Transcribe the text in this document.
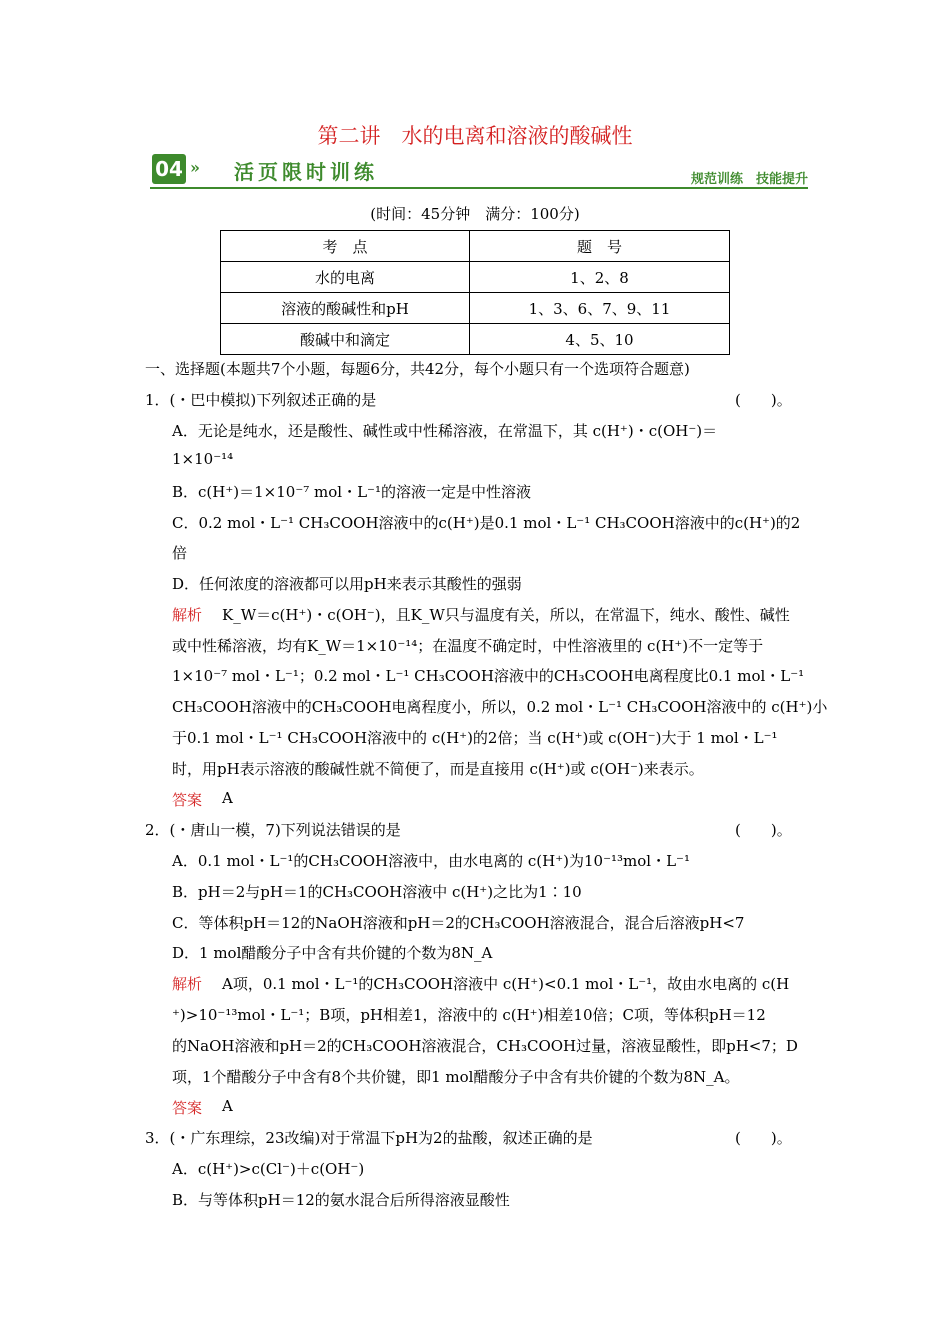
第二讲　水的电离和溶液的酸碱性
04 » 活页限时训练	规范训练　技能提升
(时间：45分钟　满分：100分)
考　点	题　号
水的电离	1、2、8
溶液的酸碱性和pH	1、3、6、7、9、11
酸碱中和滴定	4、5、10
一、选择题(本题共7个小题，每题6分，共42分，每个小题只有一个选项符合题意)
1．(・巴中模拟)下列叙述正确的是	(　　)。
A．无论是纯水，还是酸性、碱性或中性稀溶液，在常温下，其 c(H⁺)・c(OH⁻)＝
1×10⁻¹⁴
B．c(H⁺)＝1×10⁻⁷ mol・L⁻¹的溶液一定是中性溶液
C．0.2 mol・L⁻¹ CH₃COOH溶液中的c(H⁺)是0.1 mol・L⁻¹ CH₃COOH溶液中的c(H⁺)的2
倍
D．任何浓度的溶液都可以用pH来表示其酸性的强弱
解析 K_W＝c(H⁺)・c(OH⁻)，且K_W只与温度有关，所以，在常温下，纯水、酸性、碱性
或中性稀溶液，均有K_W＝1×10⁻¹⁴；在温度不确定时，中性溶液里的 c(H⁺)不一定等于
1×10⁻⁷ mol・L⁻¹；0.2 mol・L⁻¹ CH₃COOH溶液中的CH₃COOH电离程度比0.1 mol・L⁻¹
CH₃COOH溶液中的CH₃COOH电离程度小，所以，0.2 mol・L⁻¹ CH₃COOH溶液中的 c(H⁺)小
于0.1 mol・L⁻¹ CH₃COOH溶液中的 c(H⁺)的2倍；当 c(H⁺)或 c(OH⁻)大于 1 mol・L⁻¹
时，用pH表示溶液的酸碱性就不简便了，而是直接用 c(H⁺)或 c(OH⁻)来表示。
答案 A
2．(・唐山一模，7)下列说法错误的是	(　　)。
A．0.1 mol・L⁻¹的CH₃COOH溶液中，由水电离的 c(H⁺)为10⁻¹³mol・L⁻¹
B．pH＝2与pH＝1的CH₃COOH溶液中 c(H⁺)之比为1∶10
C．等体积pH＝12的NaOH溶液和pH＝2的CH₃COOH溶液混合，混合后溶液pH<7
D．1 mol醋酸分子中含有共价键的个数为8N_A
解析 A项，0.1 mol・L⁻¹的CH₃COOH溶液中 c(H⁺)<0.1 mol・L⁻¹，故由水电离的 c(H
⁺)>10⁻¹³mol・L⁻¹；B项，pH相差1，溶液中的 c(H⁺)相差10倍；C项，等体积pH＝12
的NaOH溶液和pH＝2的CH₃COOH溶液混合，CH₃COOH过量，溶液显酸性，即pH<7；D
项，1个醋酸分子中含有8个共价键，即1 mol醋酸分子中含有共价键的个数为8N_A。
答案 A
3．(・广东理综，23改编)对于常温下pH为2的盐酸，叙述正确的是	(　　)。
A．c(H⁺)>c(Cl⁻)＋c(OH⁻)
B．与等体积pH＝12的氨水混合后所得溶液显酸性
